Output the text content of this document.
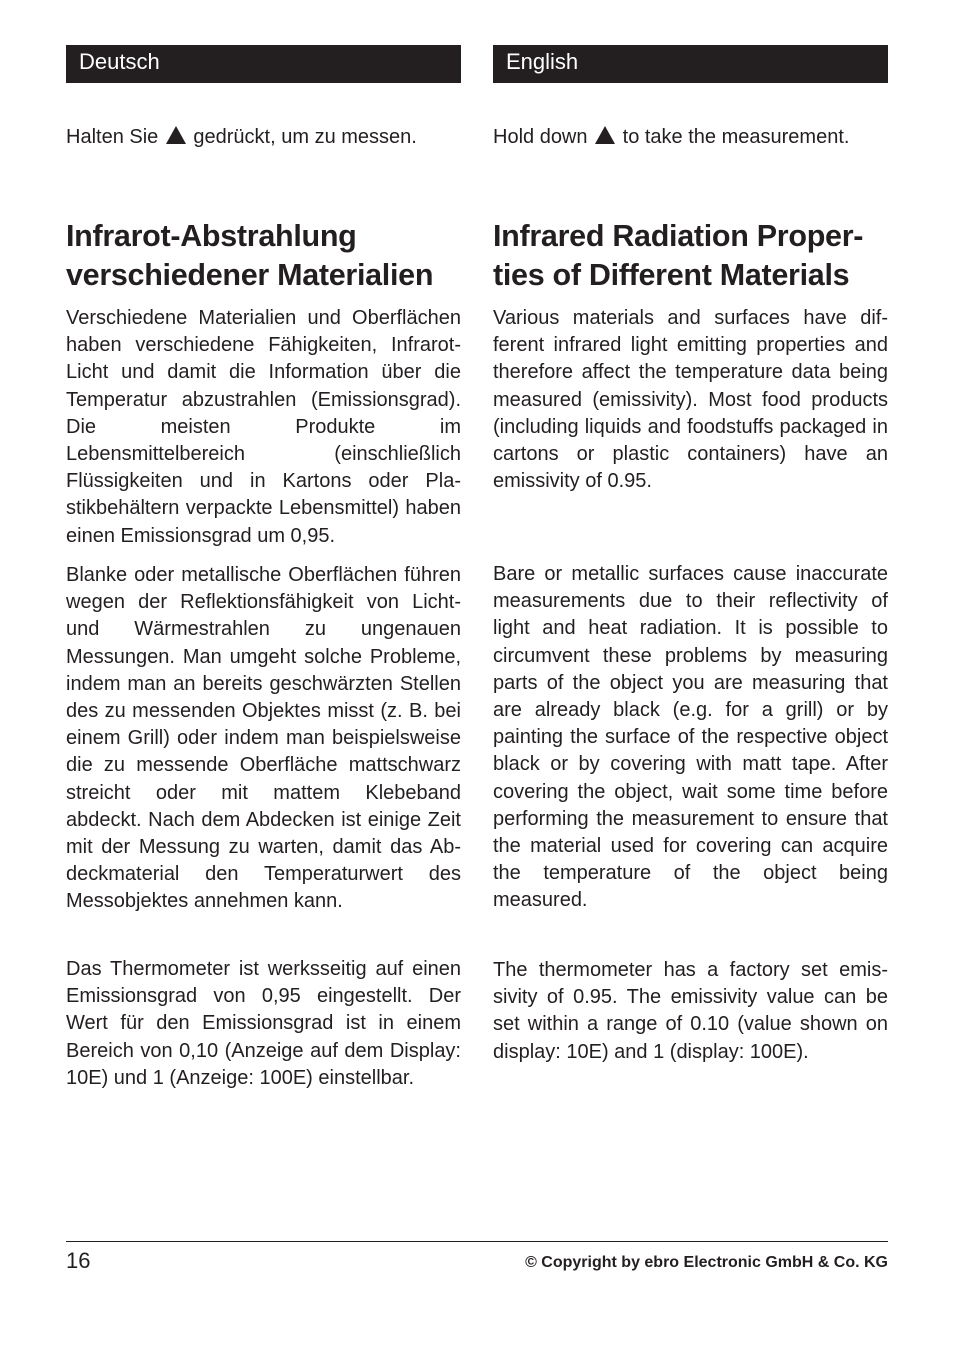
Deutsch
Halten Sie gedrückt, um zu messen.
Infrarot-Abstrahlung verschiedener Materialien

Verschiedene Materialien und Oberflächen haben verschiedene Fähigkeiten, Infrarot-Licht und damit die Information über die Temperatur abzustrahlen (Emissionsgrad). Die meisten Produkte im Lebensmittelbereich (einschließlich Flüssigkeiten und in Kartons oder Plastikbehältern verpackte Lebensmittel) haben einen Emissionsgrad um 0,95.

Blanke oder metallische Oberflächen führen wegen der Reflektionsfähigkeit von Licht- und Wärmestrahlen zu ungenauen Messungen. Man umgeht solche Probleme, indem man an bereits geschwärzten Stellen des zu messenden Objektes misst (z. B. bei einem Grill) oder indem man beispielsweise die zu messende Oberfläche mattschwarz streicht oder mit mattem Klebeband abdeckt. Nach dem Abdecken ist einige Zeit mit der Messung zu warten, damit das Abdeckmaterial den Temperaturwert des Messobjektes annehmen kann.

Das Thermometer ist werksseitig auf einen Emissionsgrad von 0,95 eingestellt. Der Wert für den Emissionsgrad ist in einem Bereich von 0,10 (Anzeige auf dem Display: 10E) und 1 (Anzeige: 100E) einstellbar.

English
Hold down to take the measurement.
Infrared Radiation Properties of Different Materials

Various materials and surfaces have different infrared light emitting properties and therefore affect the temperature data being measured (emissivity). Most food products (including liquids and foodstuffs packaged in cartons or plastic containers) have an emissivity of 0.95.

Bare or metallic surfaces cause inaccurate measurements due to their reflectivity of light and heat radiation. It is possible to circumvent these problems by measuring parts of the object you are measuring that are already black (e.g. for a grill) or by painting the surface of the respective object black or by covering with matt tape. After covering the object, wait some time before performing the measurement to ensure that the material used for covering can acquire the temperature of the object being measured.

The thermometer has a factory set emissivity of 0.95. The emissivity value can be set within a range of 0.10 (value shown on display: 10E) and 1 (display: 100E).

16	© Copyright by ebro Electronic GmbH & Co. KG
